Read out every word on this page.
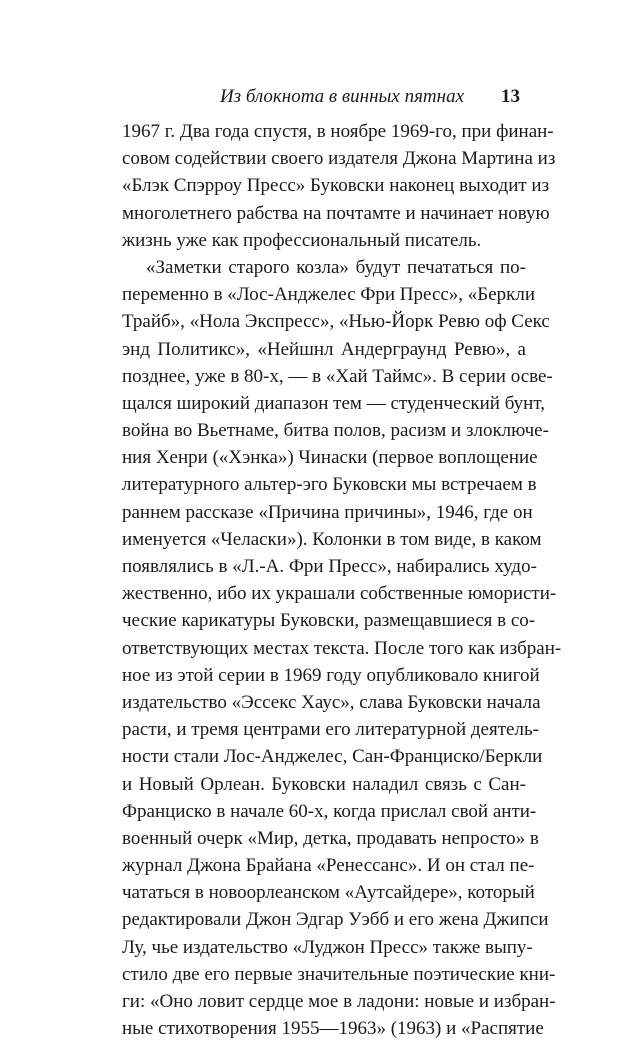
Из блокнота в винных пятнах 13
1967 г. Два года спустя, в ноябре 1969-го, при финан-
совом содействии своего издателя Джона Мартина из
«Блэк Спэрроу Пресс» Буковски наконец выходит из
многолетнего рабства на почтамте и начинает новую
жизнь уже как профессиональный писатель.
«Заметки старого козла» будут печататься по-
переменно в «Лос-Анджелес Фри Пресс», «Беркли
Трайб», «Нола Экспресс», «Нью-Йорк Ревю оф Секс
энд Политикс», «Нейшнл Андерграунд Ревю», а
позднее, уже в 80-х, — в «Хай Таймс». В серии осве-
щался широкий диапазон тем — студенческий бунт,
война во Вьетнаме, битва полов, расизм и злоключе-
ния Хенри («Хэнка») Чинаски (первое воплощение
литературного альтер-эго Буковски мы встречаем в
раннем рассказе «Причина причины», 1946, где он
именуется «Челаски»). Колонки в том виде, в каком
появлялись в «Л.-А. Фри Пресс», набирались худо-
жественно, ибо их украшали собственные юмористи-
ческие карикатуры Буковски, размещавшиеся в со-
ответствующих местах текста. После того как избран-
ное из этой серии в 1969 году опубликовало книгой
издательство «Эссекс Хаус», слава Буковски начала
расти, и тремя центрами его литературной деятель-
ности стали Лос-Анджелес, Сан-Франциско/Беркли
и Новый Орлеан. Буковски наладил связь с Сан-
Франциско в начале 60-х, когда прислал свой анти-
военный очерк «Мир, детка, продавать непросто» в
журнал Джона Брайана «Ренессанс». И он стал пе-
чататься в новоорлеанском «Аутсайдере», который
редактировали Джон Эдгар Уэбб и его жена Джипси
Лу, чье издательство «Луджон Пресс» также выпу-
стило две его первые значительные поэтические кни-
ги: «Оно ловит сердце мое в ладони: новые и избран-
ные стихотворения 1955—1963» (1963) и «Распятие
